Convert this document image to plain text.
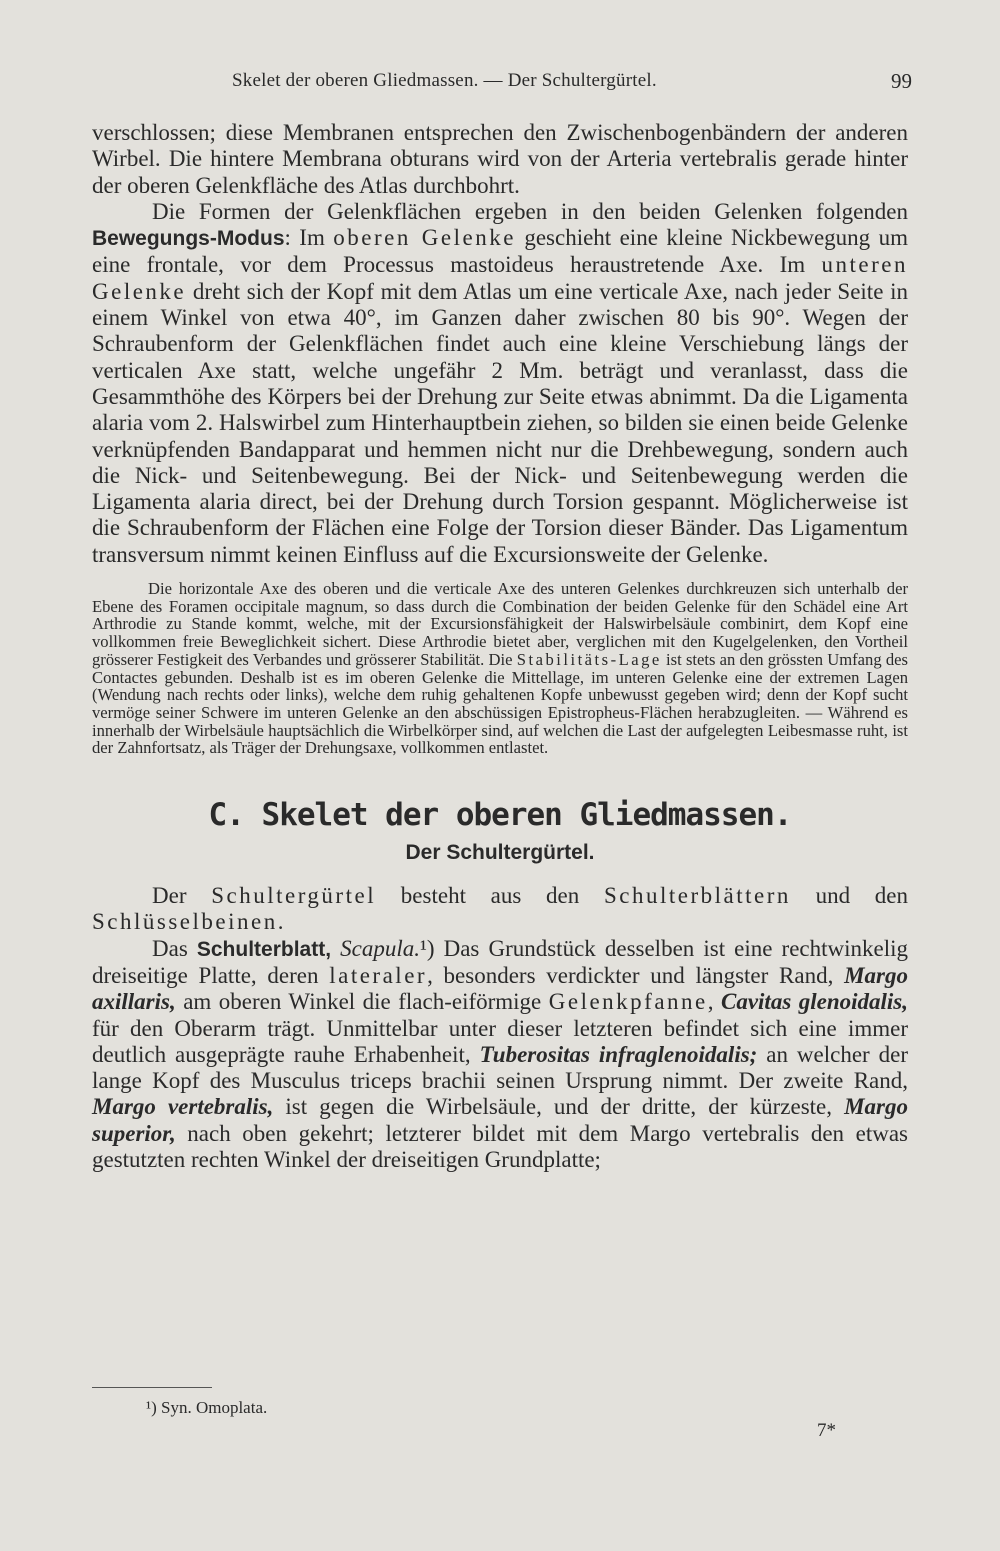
Skelet der oberen Gliedmassen. — Der Schultergürtel.	99

verschlossen; diese Membranen entsprechen den Zwischenbogenbändern der anderen Wirbel. Die hintere Membrana obturans wird von der Arteria vertebralis gerade hinter der oberen Gelenkfläche des Atlas durchbohrt.

Die Formen der Gelenkflächen ergeben in den beiden Gelenken folgenden Bewegungs-Modus: Im oberen Gelenke geschieht eine kleine Nickbewegung um eine frontale, vor dem Processus mastoideus heraustretende Axe. Im unteren Gelenke dreht sich der Kopf mit dem Atlas um eine verticale Axe, nach jeder Seite in einem Winkel von etwa 40°, im Ganzen daher zwischen 80 bis 90°. Wegen der Schraubenform der Gelenkflächen findet auch eine kleine Verschiebung längs der verticalen Axe statt, welche ungefähr 2 Mm. beträgt und veranlasst, dass die Gesammthöhe des Körpers bei der Drehung zur Seite etwas abnimmt. Da die Ligamenta alaria vom 2. Halswirbel zum Hinterhauptbein ziehen, so bilden sie einen beide Gelenke verknüpfenden Bandapparat und hemmen nicht nur die Drehbewegung, sondern auch die Nick- und Seitenbewegung. Bei der Nick- und Seitenbewegung werden die Ligamenta alaria direct, bei der Drehung durch Torsion gespannt. Möglicherweise ist die Schraubenform der Flächen eine Folge der Torsion dieser Bänder. Das Ligamentum transversum nimmt keinen Einfluss auf die Excursionsweite der Gelenke.

Die horizontale Axe des oberen und die verticale Axe des unteren Gelenkes durchkreuzen sich unterhalb der Ebene des Foramen occipitale magnum, so dass durch die Combination der beiden Gelenke für den Schädel eine Art Arthrodie zu Stande kommt, welche, mit der Excursionsfähigkeit der Halswirbelsäule combinirt, dem Kopf eine vollkommen freie Beweglichkeit sichert. Diese Arthrodie bietet aber, verglichen mit den Kugelgelenken, den Vortheil grösserer Festigkeit des Verbandes und grösserer Stabilität. Die Stabilitäts-Lage ist stets an den grössten Umfang des Contactes gebunden. Deshalb ist es im oberen Gelenke die Mittellage, im unteren Gelenke eine der extremen Lagen (Wendung nach rechts oder links), welche dem ruhig gehaltenen Kopfe unbewusst gegeben wird; denn der Kopf sucht vermöge seiner Schwere im unteren Gelenke an den abschüssigen Epistropheus-Flächen herabzugleiten. — Während es innerhalb der Wirbelsäule hauptsächlich die Wirbelkörper sind, auf welchen die Last der aufgelegten Leibesmasse ruht, ist der Zahnfortsatz, als Träger der Drehungsaxe, vollkommen entlastet.

C. Skelet der oberen Gliedmassen.
Der Schultergürtel.

Der Schultergürtel besteht aus den Schulterblättern und den Schlüsselbeinen.

Das Schulterblatt, Scapula.¹) Das Grundstück desselben ist eine rechtwinkelig dreiseitige Platte, deren lateraler, besonders verdickter und längster Rand, Margo axillaris, am oberen Winkel die flach-eiförmige Gelenkpfanne, Cavitas glenoidalis, für den Oberarm trägt. Unmittelbar unter dieser letzteren befindet sich eine immer deutlich ausgeprägte rauhe Erhabenheit, Tuberositas infraglenoidalis; an welcher der lange Kopf des Musculus triceps brachii seinen Ursprung nimmt. Der zweite Rand, Margo vertebralis, ist gegen die Wirbelsäule, und der dritte, der kürzeste, Margo superior, nach oben gekehrt; letzterer bildet mit dem Margo vertebralis den etwas gestutzten rechten Winkel der dreiseitigen Grundplatte;

¹) Syn. Omoplata.
7*
